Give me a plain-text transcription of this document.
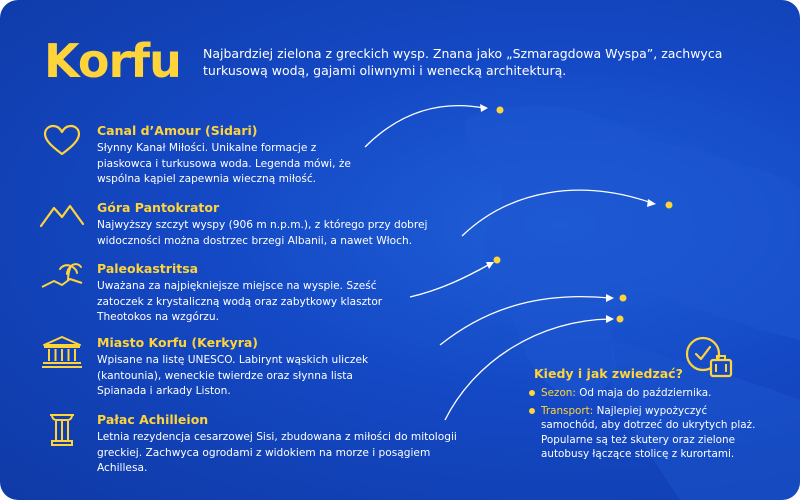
Korfu Najbardziej zielona z greckich wysp. Znana jako „Szmaragdowa Wyspa”, zachwyca turkusową wodą, gajami oliwnymi i wenecką architekturą.
Canal d’Amour (Sidari)
Słynny Kanał Miłości. Unikalne formacje z piaskowca i turkusowa woda. Legenda mówi, że wspólna kąpiel zapewnia wieczną miłość.
Góra Pantokrator
Najwyższy szczyt wyspy (906 m n.p.m.), z którego przy dobrej widoczności można dostrzec brzegi Albanii, a nawet Włoch.
Paleokastritsa
Uważana za najpiękniejsze miejsce na wyspie. Sześć zatoczek z krystaliczną wodą oraz zabytkowy klasztor Theotokos na wzgórzu.
Miasto Korfu (Kerkyra)
Wpisane na listę UNESCO. Labirynt wąskich uliczek (kantounia), weneckie twierdze oraz słynna lista Spianada i arkady Liston.
Pałac Achilleion
Letnia rezydencja cesarzowej Sisi, zbudowana z miłości do mitologii greckiej. Zachwyca ogrodami z widokiem na morze i posągiem Achillesa.
Kiedy i jak zwiedzać?
Sezon: Od maja do października.
Transport: Najlepiej wypożyczyć samochód, aby dotrzeć do ukrytych plaż. Popularne są też skutery oraz zielone autobusy łączące stolicę z kurortami.
